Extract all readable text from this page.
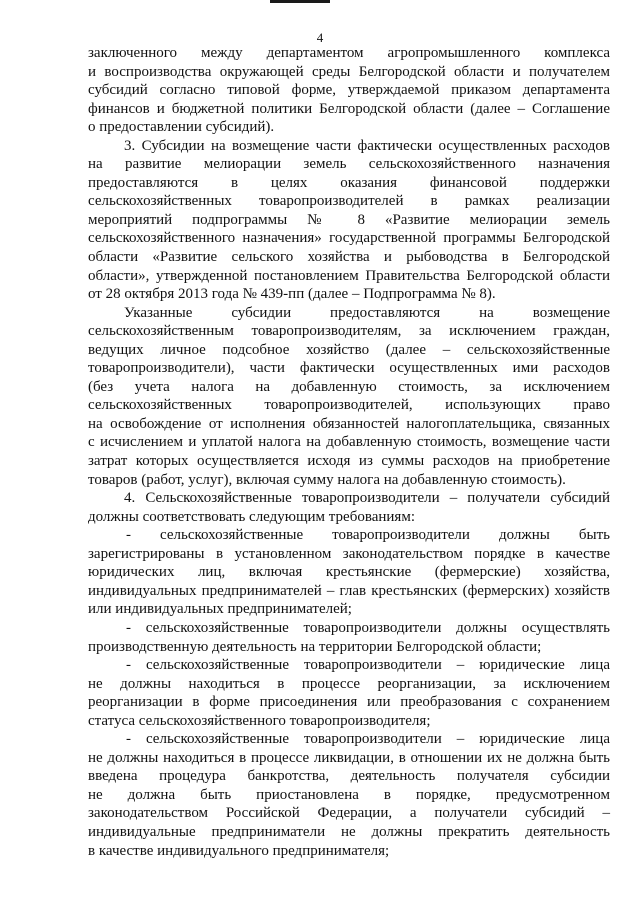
4
заключенного между департаментом агропромышленного комплекса
и воспроизводства окружающей среды Белгородской области и получателем
субсидий согласно типовой форме, утверждаемой приказом департамента
финансов и бюджетной политики Белгородской области (далее – Соглашение
о предоставлении субсидий).
3. Субсидии на возмещение части фактически осуществленных расходов
на развитие мелиорации земель сельскохозяйственного назначения
предоставляются в целях оказания финансовой поддержки
сельскохозяйственных товаропроизводителей в рамках реализации
мероприятий подпрограммы № 8 «Развитие мелиорации земель
сельскохозяйственного назначения» государственной программы Белгородской
области «Развитие сельского хозяйства и рыбоводства в Белгородской
области», утвержденной постановлением Правительства Белгородской области
от 28 октября 2013 года № 439-пп (далее – Подпрограмма № 8).
Указанные субсидии предоставляются на возмещение
сельскохозяйственным товаропроизводителям, за исключением граждан,
ведущих личное подсобное хозяйство (далее – сельскохозяйственные
товаропроизводители), части фактически осуществленных ими расходов
(без учета налога на добавленную стоимость, за исключением
сельскохозяйственных товаропроизводителей, использующих право
на освобождение от исполнения обязанностей налогоплательщика, связанных
с исчислением и уплатой налога на добавленную стоимость, возмещение части
затрат которых осуществляется исходя из суммы расходов на приобретение
товаров (работ, услуг), включая сумму налога на добавленную стоимость).
4. Сельскохозяйственные товаропроизводители – получатели субсидий
должны соответствовать следующим требованиям:
- сельскохозяйственные товаропроизводители должны быть
зарегистрированы в установленном законодательством порядке в качестве
юридических лиц, включая крестьянские (фермерские) хозяйства,
индивидуальных предпринимателей – глав крестьянских (фермерских) хозяйств
или индивидуальных предпринимателей;
- сельскохозяйственные товаропроизводители должны осуществлять
производственную деятельность на территории Белгородской области;
- сельскохозяйственные товаропроизводители – юридические лица
не должны находиться в процессе реорганизации, за исключением
реорганизации в форме присоединения или преобразования с сохранением
статуса сельскохозяйственного товаропроизводителя;
- сельскохозяйственные товаропроизводители – юридические лица
не должны находиться в процессе ликвидации, в отношении их не должна быть
введена процедура банкротства, деятельность получателя субсидии
не должна быть приостановлена в порядке, предусмотренном
законодательством Российской Федерации, а получатели субсидий –
индивидуальные предприниматели не должны прекратить деятельность
в качестве индивидуального предпринимателя;
